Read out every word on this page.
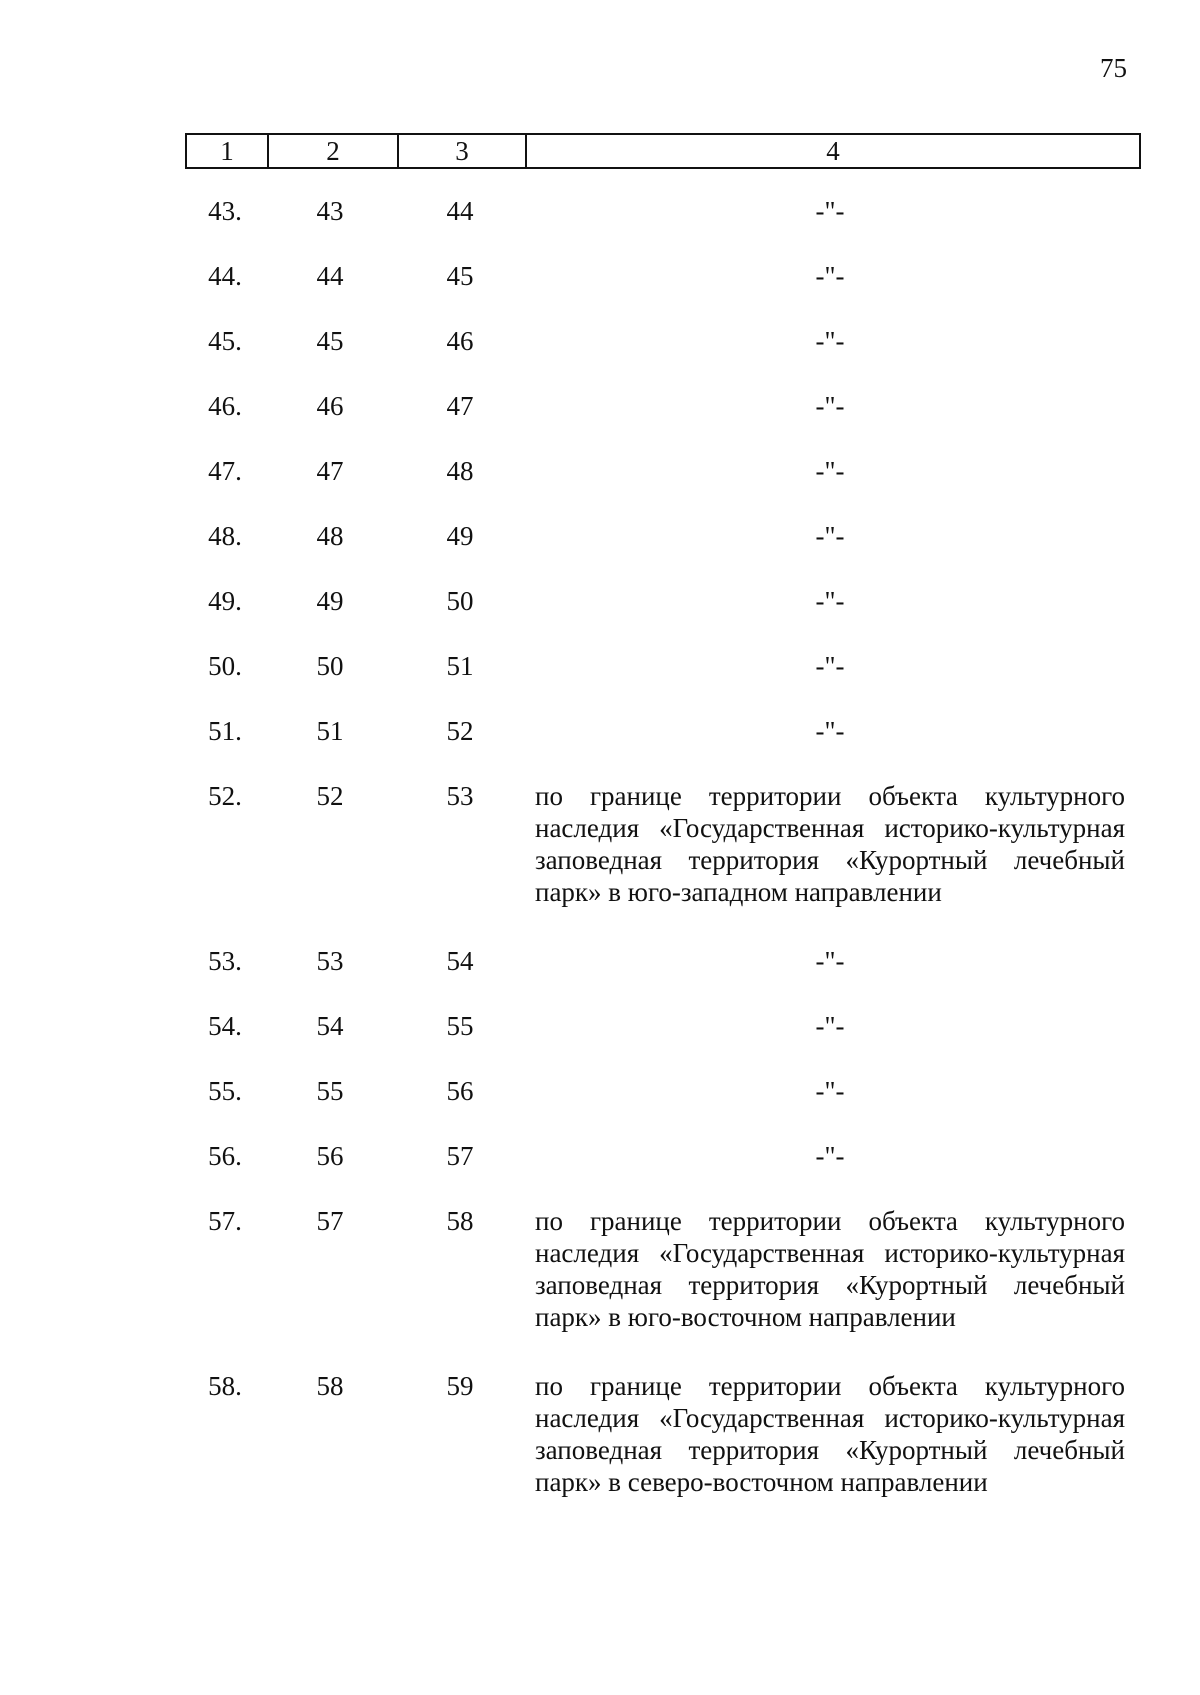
75
1	2	3	4
43.	43	44	-"-
44.	44	45	-"-
45.	45	46	-"-
46.	46	47	-"-
47.	47	48	-"-
48.	48	49	-"-
49.	49	50	-"-
50.	50	51	-"-
51.	51	52	-"-
52.	52	53	по границе территории объекта культурного наследия «Государственная историко-культурная заповедная территория «Курортный лечебный парк» в юго-западном направлении
53.	53	54	-"-
54.	54	55	-"-
55.	55	56	-"-
56.	56	57	-"-
57.	57	58	по границе территории объекта культурного наследия «Государственная историко-культурная заповедная территория «Курортный лечебный парк» в юго-восточном направлении
58.	58	59	по границе территории объекта культурного наследия «Государственная историко-культурная заповедная территория «Курортный лечебный парк» в северо-восточном направлении
